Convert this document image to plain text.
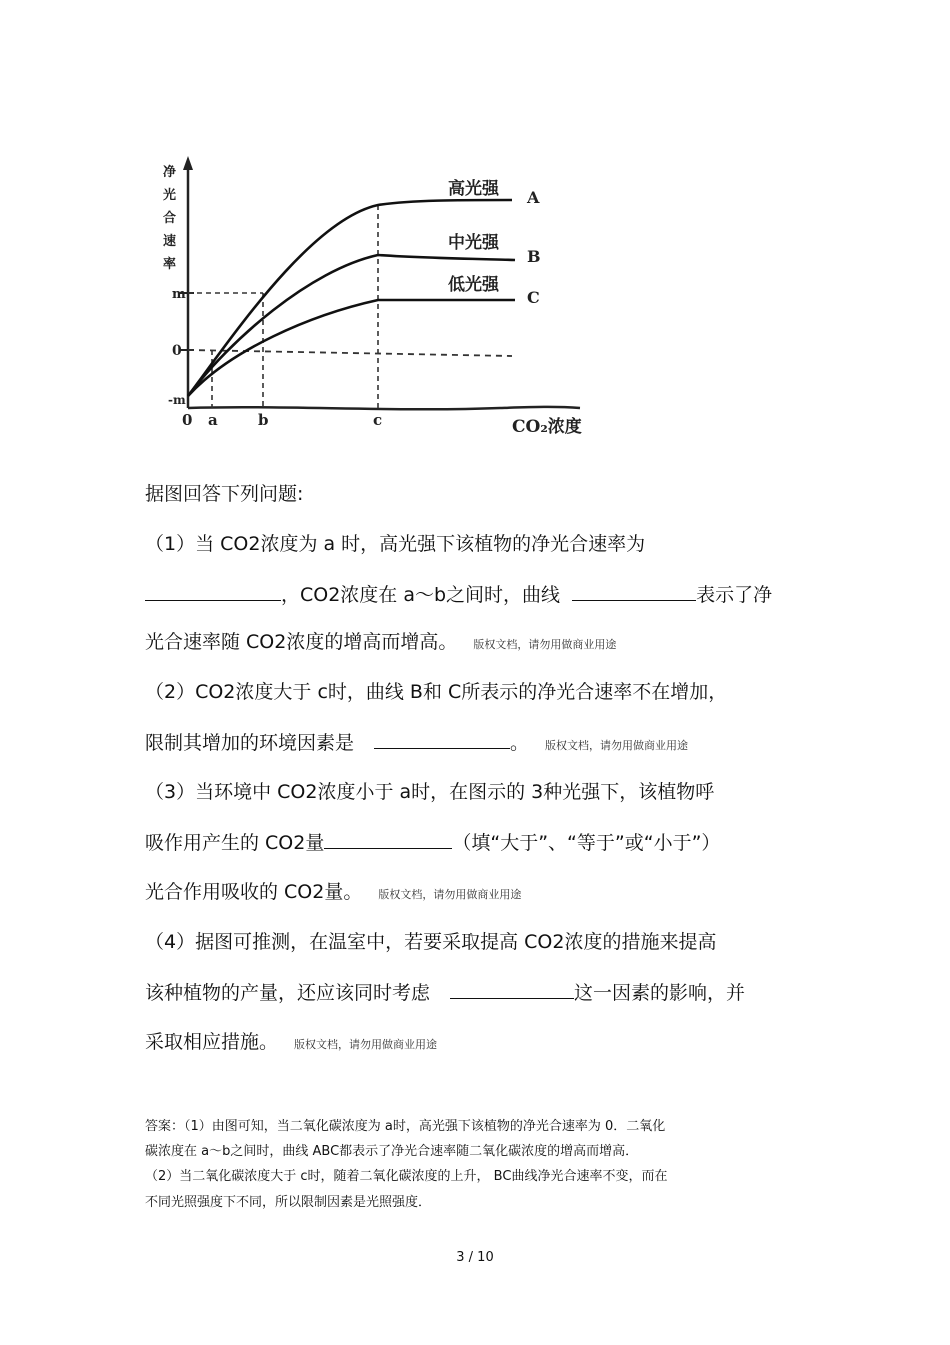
净光合速率
m
0
-m
0 a	b	c	CO₂浓度
高光强 A
中光强
B
低光强
C
据图回答下列问题:
（1）当 CO2浓度为 a 时，高光强下该植物的净光合速率为
，CO2浓度在 a～b之间时，曲线	表示了净
光合速率随 CO2浓度的增高而增高。 版权文档，请勿用做商业用途
（2）CO2浓度大于 c时，曲线 B和 C所表示的净光合速率不在增加，
限制其增加的环境因素是	。 版权文档，请勿用做商业用途
（3）当环境中 CO2浓度小于 a时，在图示的 3种光强下，该植物呼
吸作用产生的 CO2量	（填“大于”、“等于”或“小于”）
光合作用吸收的 CO2量。 版权文档，请勿用做商业用途
（4）据图可推测，在温室中，若要采取提高 CO2浓度的措施来提高
该种植物的产量，还应该同时考虑	这一因素的影响，并
采取相应措施。 版权文档，请勿用做商业用途
答案：（1）由图可知，当二氧化碳浓度为 a时，高光强下该植物的净光合速率为 0．二氧化
碳浓度在 a～b之间时，曲线 ABC都表示了净光合速率随二氧化碳浓度的增高而增高．
（2）当二氧化碳浓度大于 c时，随着二氧化碳浓度的上升， BC曲线净光合速率不变，而在
不同光照强度下不同，所以限制因素是光照强度．
3 / 10
